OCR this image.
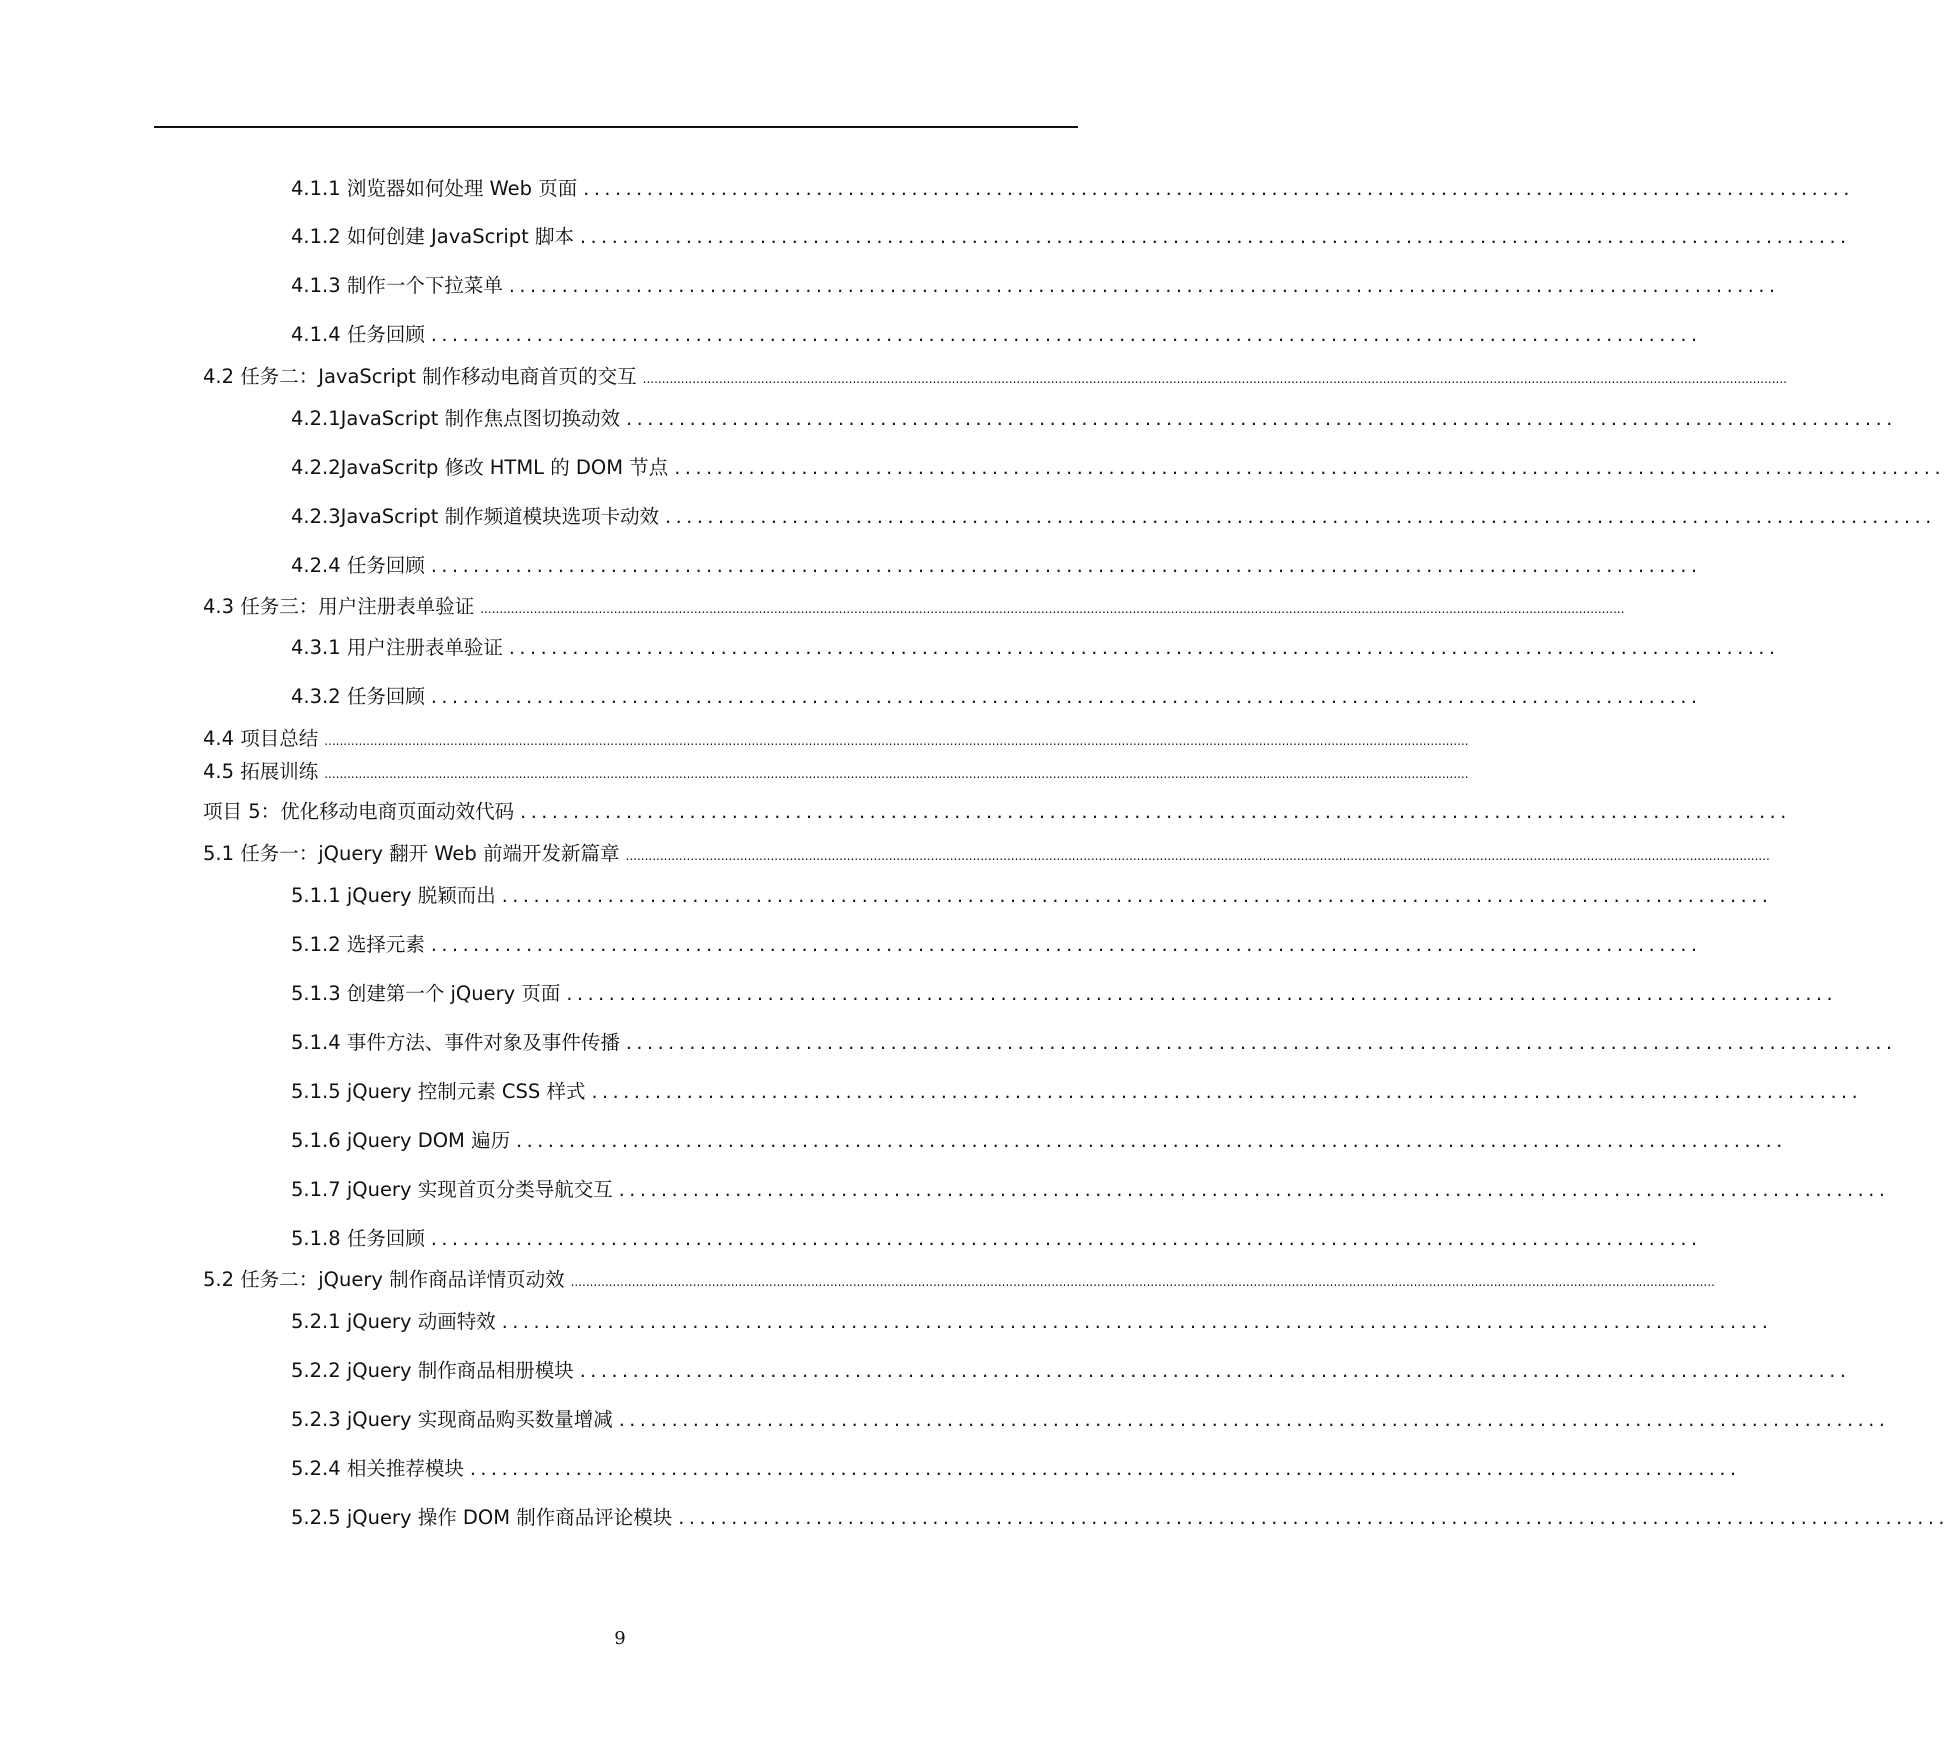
4.1.1 浏览器如何处理 Web 页面 ........................................................................................................................
4.1.2 如何创建 JavaScript 脚本 ........................................................................................................................
4.1.3 制作一个下拉菜单 ........................................................................................................................
4.1.4 任务回顾 ........................................................................................................................
4.2 任务二：JavaScript 制作移动电商首页的交互 ............................................................................................................................................................................................................................................................................................................
4.2.1JavaScript 制作焦点图切换动效 ........................................................................................................................
4.2.2JavaScritp 修改 HTML 的 DOM 节点 ........................................................................................................................
4.2.3JavaScript 制作频道模块选项卡动效 ........................................................................................................................
4.2.4 任务回顾 ........................................................................................................................
4.3 任务三：用户注册表单验证 ............................................................................................................................................................................................................................................................................................................
4.3.1 用户注册表单验证 ........................................................................................................................
4.3.2 任务回顾 ........................................................................................................................
4.4 项目总结 ............................................................................................................................................................................................................................................................................................................
4.5 拓展训练 ............................................................................................................................................................................................................................................................................................................
项目 5：优化移动电商页面动效代码 ........................................................................................................................
5.1 任务一：jQuery 翻开 Web 前端开发新篇章 ............................................................................................................................................................................................................................................................................................................
5.1.1 jQuery 脱颖而出 ........................................................................................................................
5.1.2 选择元素 ........................................................................................................................
5.1.3 创建第一个 jQuery 页面 ........................................................................................................................
5.1.4 事件方法、事件对象及事件传播 ........................................................................................................................
5.1.5 jQuery 控制元素 CSS 样式 ........................................................................................................................
5.1.6 jQuery DOM 遍历 ........................................................................................................................
5.1.7 jQuery 实现首页分类导航交互 ........................................................................................................................
5.1.8 任务回顾 ........................................................................................................................
5.2 任务二：jQuery 制作商品详情页动效 ............................................................................................................................................................................................................................................................................................................
5.2.1 jQuery 动画特效 ........................................................................................................................
5.2.2 jQuery 制作商品相册模块 ........................................................................................................................
5.2.3 jQuery 实现商品购买数量增减 ........................................................................................................................
5.2.4 相关推荐模块 ........................................................................................................................
5.2.5 jQuery 操作 DOM 制作商品评论模块 ........................................................................................................................
9
